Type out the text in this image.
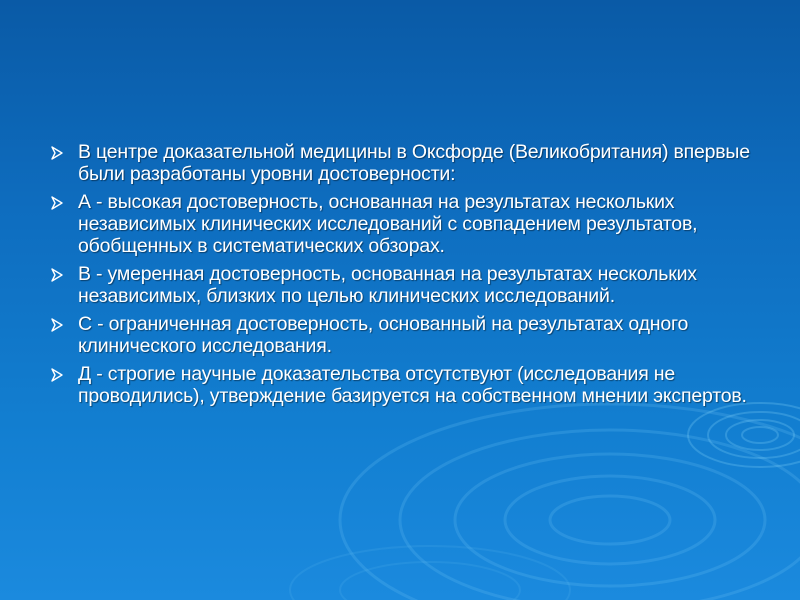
В центре доказательной медицины в Оксфорде (Великобритания) впервые были разработаны уровни достоверности:
А - высокая достоверность, основанная на результатах нескольких независимых клинических исследований с совпадением результатов, обобщенных в систематических обзорах.
В - умеренная достоверность, основанная на результатах нескольких независимых, близких по целью клинических исследований.
С - ограниченная достоверность, основанный на результатах одного клинического исследования.
Д - строгие научные доказательства отсутствуют (исследования не проводились), утверждение базируется на собственном мнении экспертов.
